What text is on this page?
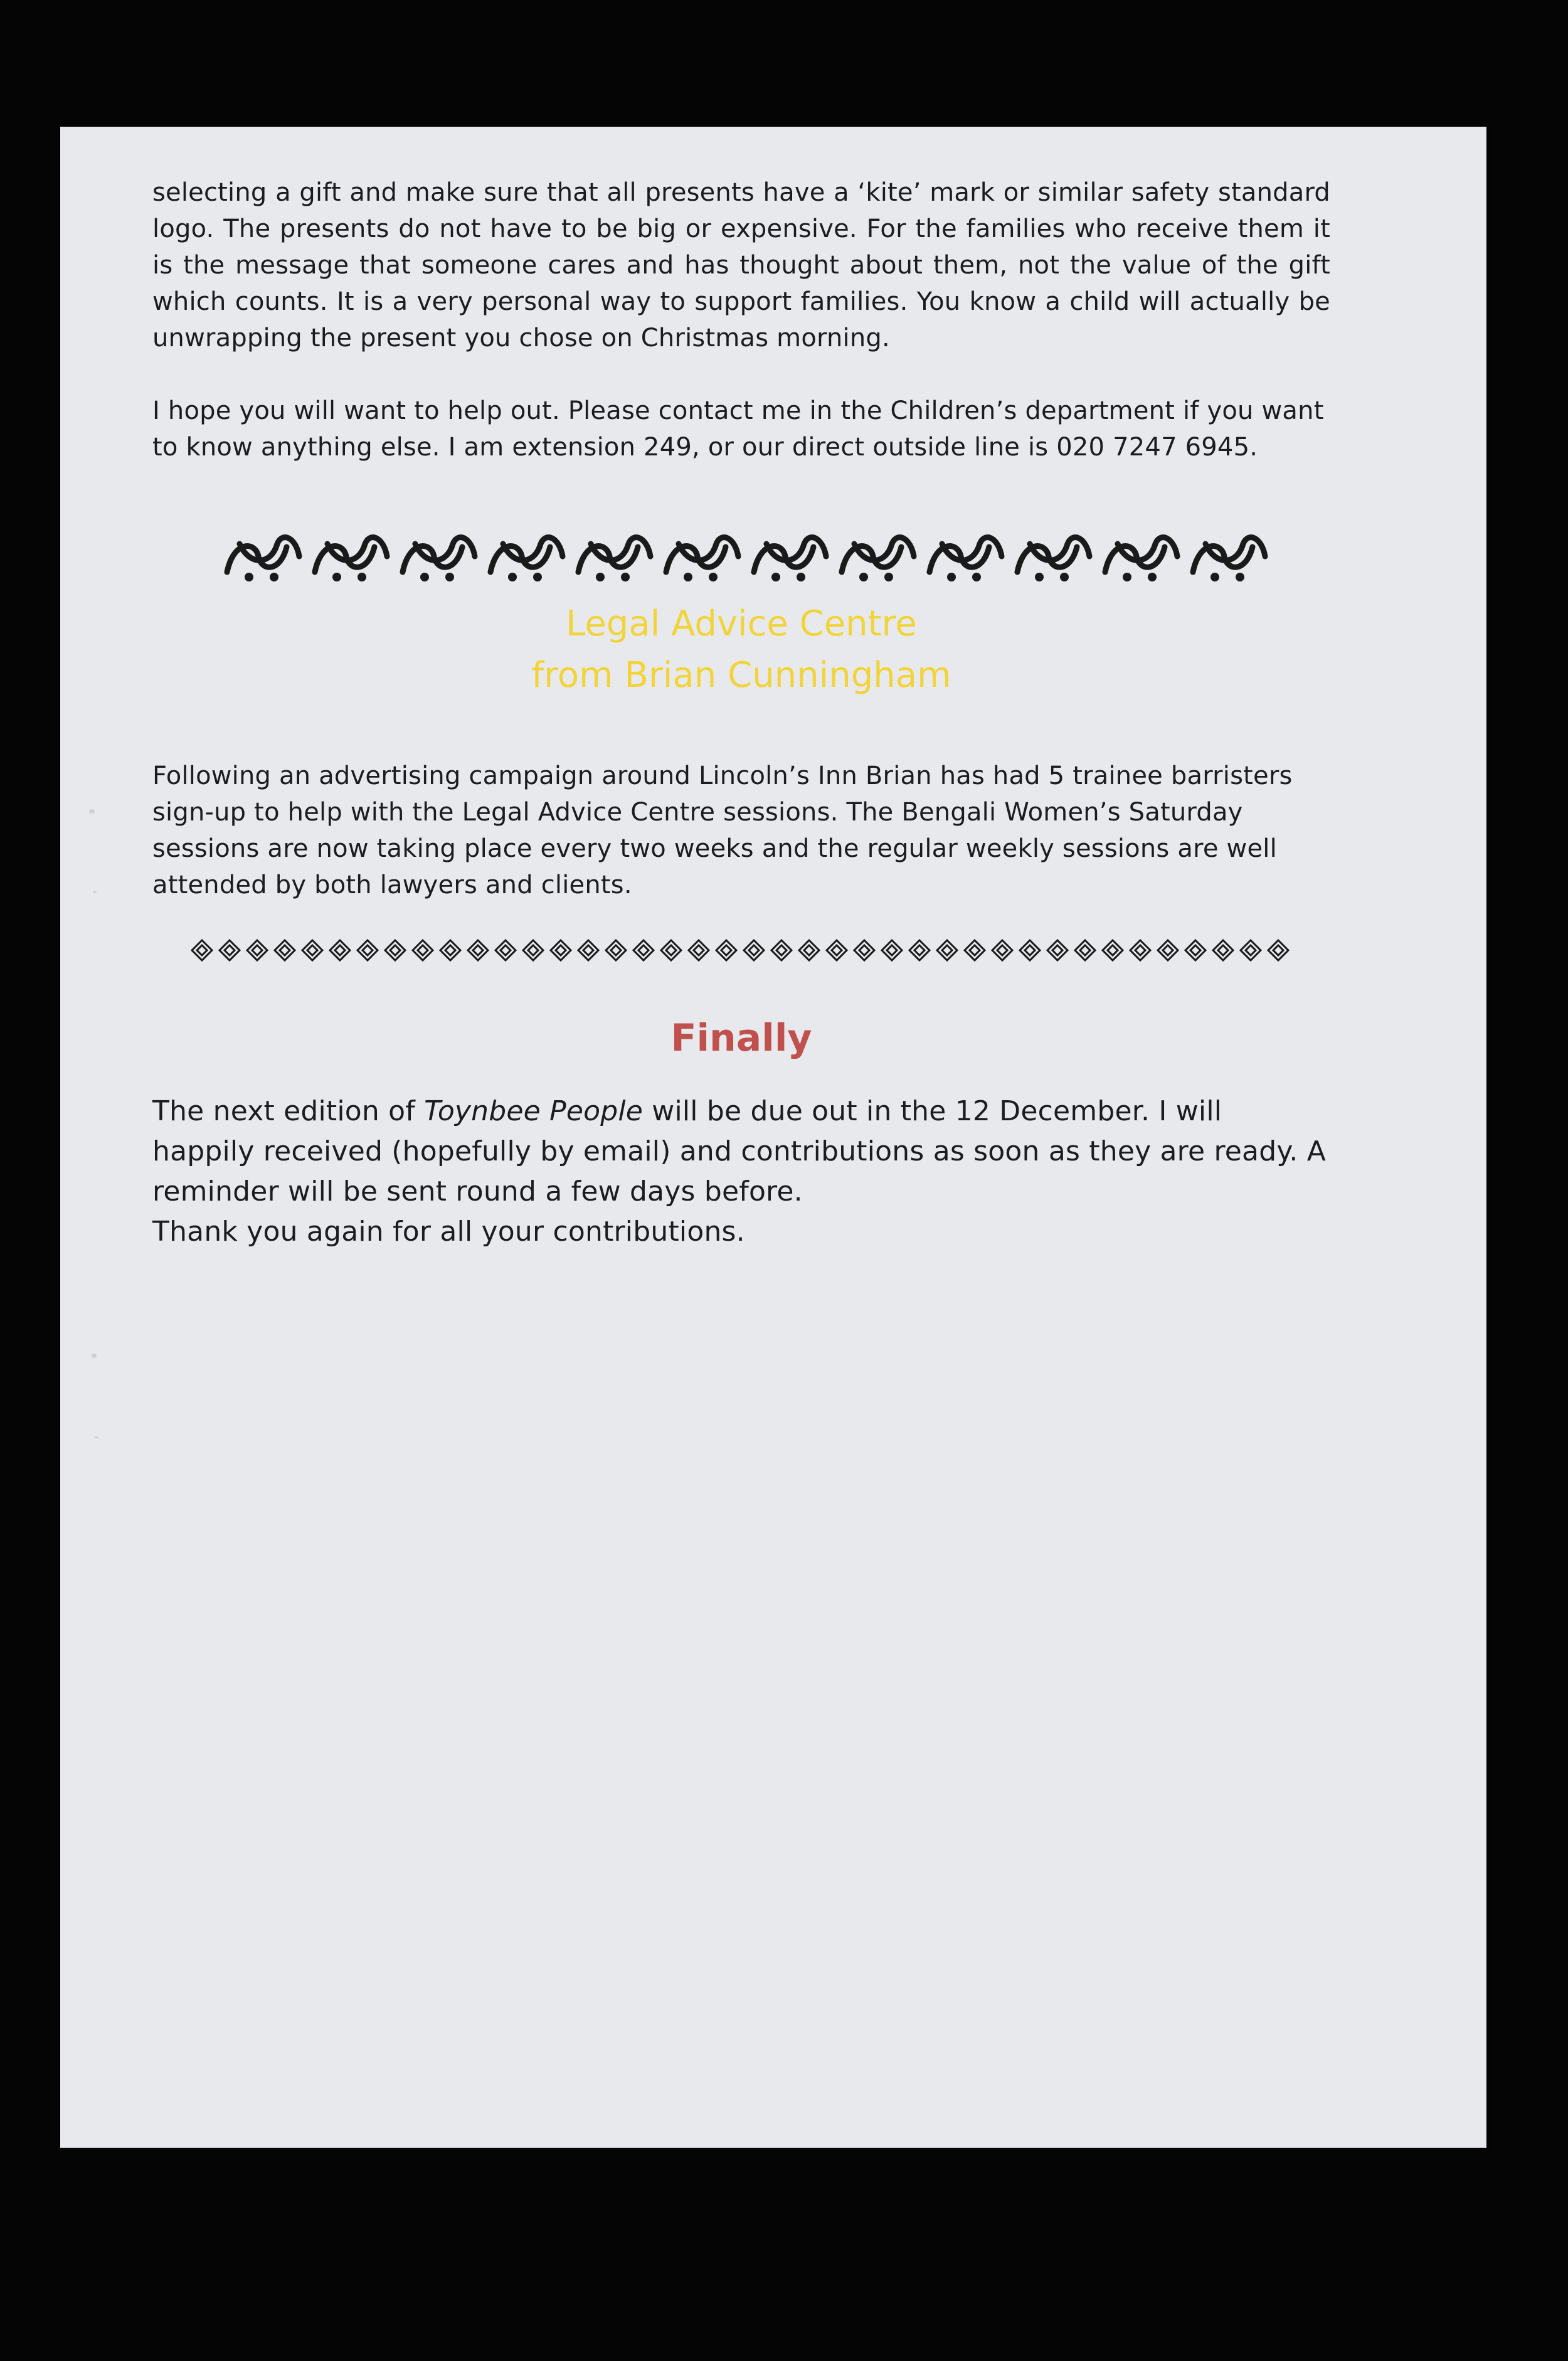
selecting a gift and make sure that all presents have a ‘kite’ mark or similar safety standard logo. The presents do not have to be big or expensive. For the families who receive them it is the message that someone cares and has thought about them, not the value of the gift which counts. It is a very personal way to support families. You know a child will actually be unwrapping the present you chose on Christmas morning.

I hope you will want to help out. Please contact me in the Children’s department if you want to know anything else. I am extension 249, or our direct outside line is 020 7247 6945.

Legal Advice Centre
from Brian Cunningham

Following an advertising campaign around Lincoln’s Inn Brian has had 5 trainee barristers sign-up to help with the Legal Advice Centre sessions. The Bengali Women’s Saturday sessions are now taking place every two weeks and the regular weekly sessions are well attended by both lawyers and clients.

Finally

The next edition of Toynbee People will be due out in the 12 December. I will happily received (hopefully by email) and contributions as soon as they are ready. A reminder will be sent round a few days before.
Thank you again for all your contributions.
